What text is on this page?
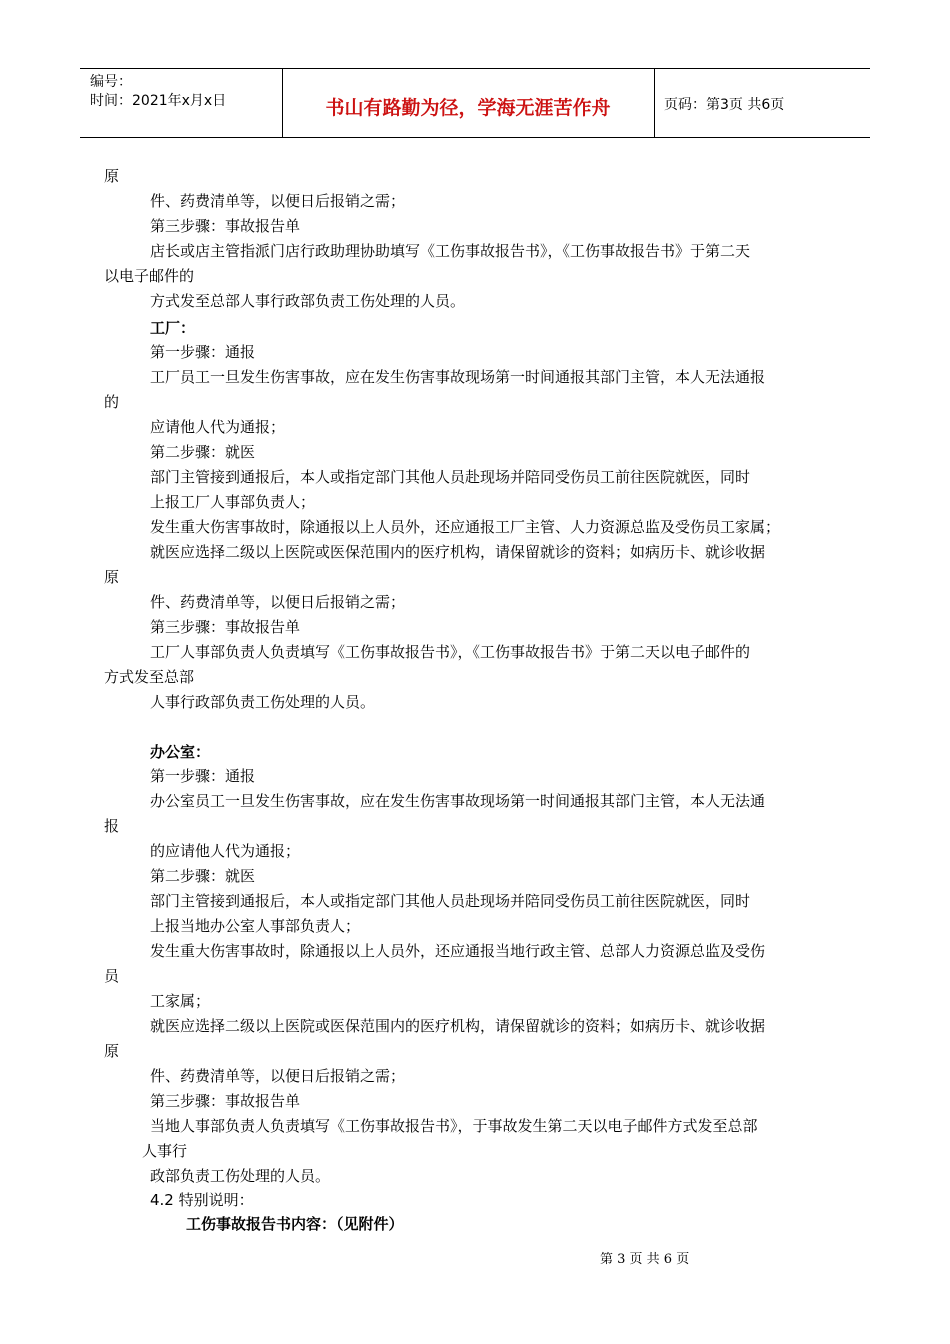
编号：
时间：2021年x月x日	书山有路勤为径，学海无涯苦作舟	页码：第3页 共6页
原
件、药费清单等，以便日后报销之需；
第三步骤：事故报告单
店长或店主管指派门店行政助理协助填写《工伤事故报告书》，《工伤事故报告书》于第二天
以电子邮件的
方式发至总部人事行政部负责工伤处理的人员。
工厂：
第一步骤：通报
工厂员工一旦发生伤害事故，应在发生伤害事故现场第一时间通报其部门主管，本人无法通报
的
应请他人代为通报；
第二步骤：就医
部门主管接到通报后，本人或指定部门其他人员赴现场并陪同受伤员工前往医院就医，同时
上报工厂人事部负责人；
发生重大伤害事故时，除通报以上人员外，还应通报工厂主管、人力资源总监及受伤员工家属；
就医应选择二级以上医院或医保范围内的医疗机构，请保留就诊的资料；如病历卡、就诊收据
原
件、药费清单等，以便日后报销之需；
第三步骤：事故报告单
工厂人事部负责人负责填写《工伤事故报告书》，《工伤事故报告书》于第二天以电子邮件的
方式发至总部
人事行政部负责工伤处理的人员。
办公室：
第一步骤：通报
办公室员工一旦发生伤害事故，应在发生伤害事故现场第一时间通报其部门主管，本人无法通
报
的应请他人代为通报；
第二步骤：就医
部门主管接到通报后，本人或指定部门其他人员赴现场并陪同受伤员工前往医院就医，同时
上报当地办公室人事部负责人；
发生重大伤害事故时，除通报以上人员外，还应通报当地行政主管、总部人力资源总监及受伤
员
工家属；
就医应选择二级以上医院或医保范围内的医疗机构，请保留就诊的资料；如病历卡、就诊收据
原
件、药费清单等，以便日后报销之需；
第三步骤：事故报告单
当地人事部负责人负责填写《工伤事故报告书》，于事故发生第二天以电子邮件方式发至总部
人事行
政部负责工伤处理的人员。
4.2 特别说明：
工伤事故报告书内容：（见附件）
第 3 页 共 6 页
